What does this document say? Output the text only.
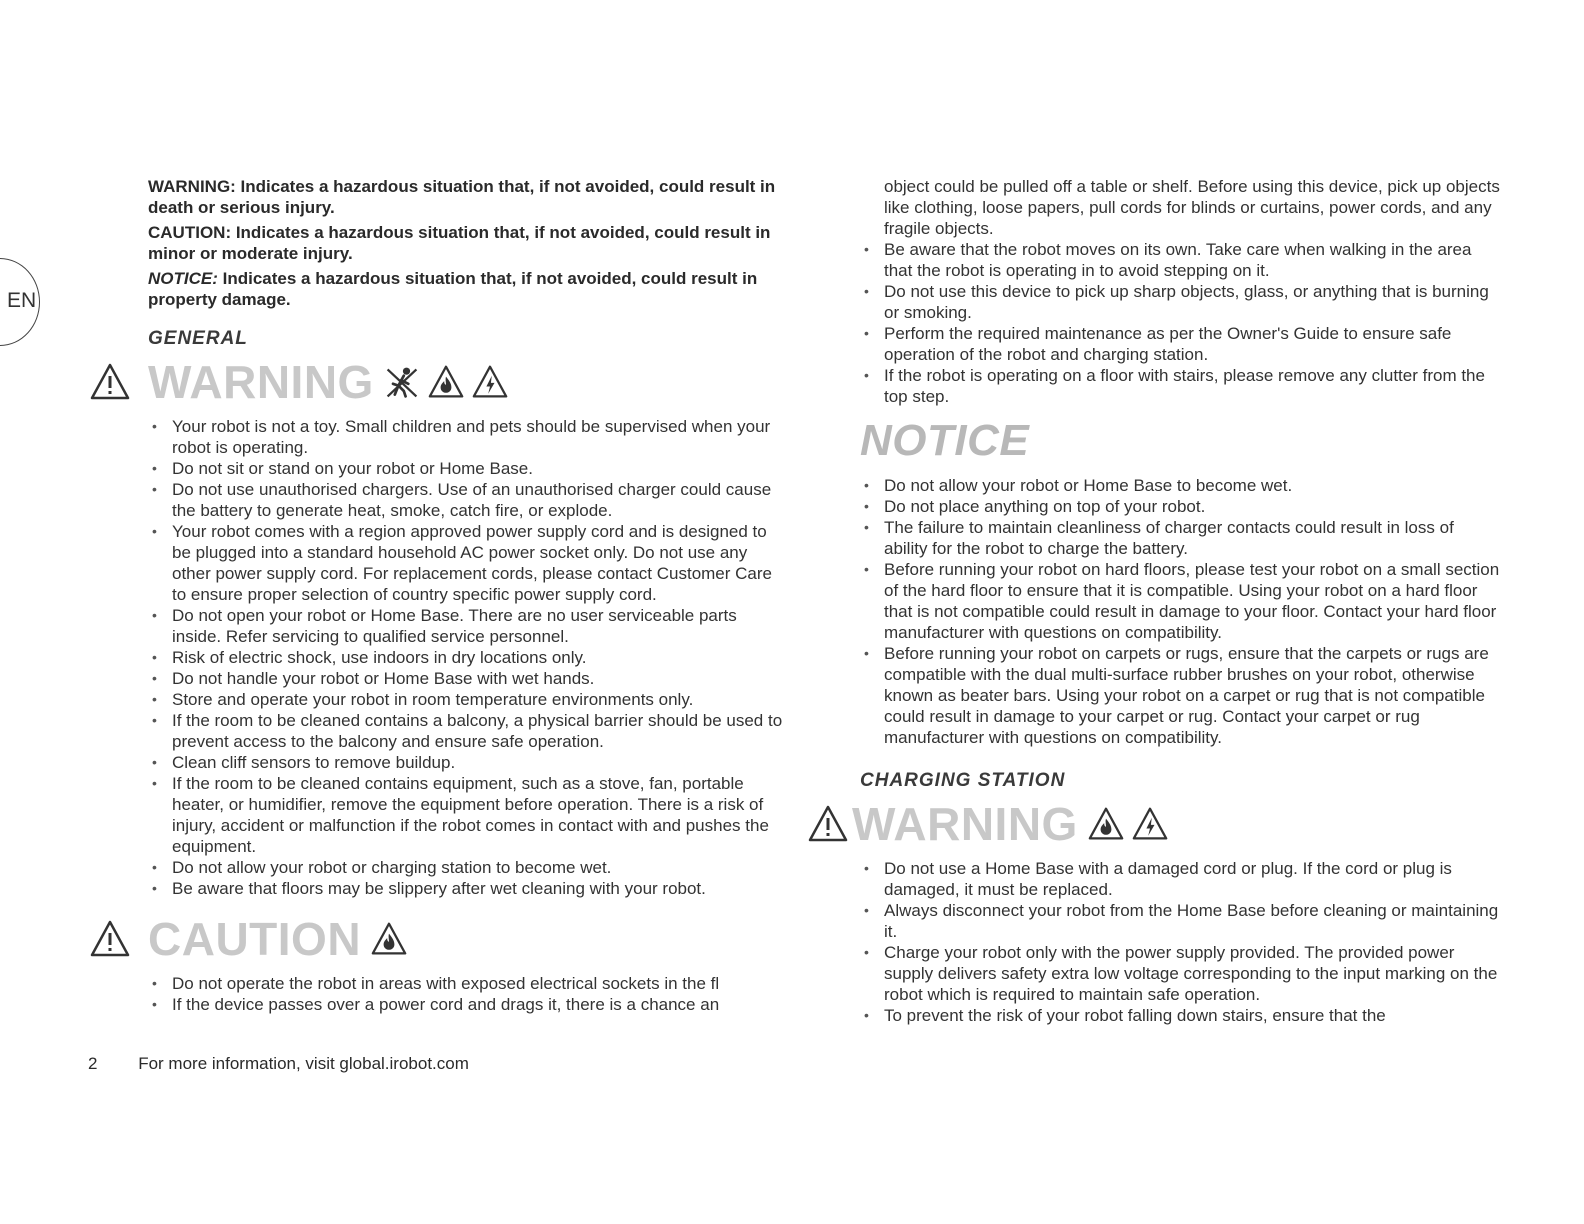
EN

WARNING: Indicates a hazardous situation that, if not avoided, could result in death or serious injury.

CAUTION: Indicates a hazardous situation that, if not avoided, could result in minor or moderate injury.

NOTICE: Indicates a hazardous situation that, if not avoided, could result in property damage.

GENERAL
WARNING
• Your robot is not a toy. Small children and pets should be supervised when your robot is operating.
• Do not sit or stand on your robot or Home Base.
• Do not use unauthorised chargers. Use of an unauthorised charger could cause the battery to generate heat, smoke, catch fire, or explode.
• Your robot comes with a region approved power supply cord and is designed to be plugged into a standard household AC power socket only. Do not use any other power supply cord. For replacement cords, please contact Customer Care to ensure proper selection of country specific power supply cord.
• Do not open your robot or Home Base. There are no user serviceable parts inside. Refer servicing to qualified service personnel.
• Risk of electric shock, use indoors in dry locations only.
• Do not handle your robot or Home Base with wet hands.
• Store and operate your robot in room temperature environments only.
• If the room to be cleaned contains a balcony, a physical barrier should be used to prevent access to the balcony and ensure safe operation.
• Clean cliff sensors to remove buildup.
• If the room to be cleaned contains equipment, such as a stove, fan, portable heater, or humidifier, remove the equipment before operation. There is a risk of injury, accident or malfunction if the robot comes in contact with and pushes the equipment.
• Do not allow your robot or charging station to become wet.
• Be aware that floors may be slippery after wet cleaning with your robot.
CAUTION
• Do not operate the robot in areas with exposed electrical sockets in the fl
• If the device passes over a power cord and drags it, there is a chance an
object could be pulled off a table or shelf. Before using this device, pick up objects like clothing, loose papers, pull cords for blinds or curtains, power cords, and any fragile objects.
• Be aware that the robot moves on its own. Take care when walking in the area that the robot is operating in to avoid stepping on it.
• Do not use this device to pick up sharp objects, glass, or anything that is burning or smoking.
• Perform the required maintenance as per the Owner's Guide to ensure safe operation of the robot and charging station.
• If the robot is operating on a floor with stairs, please remove any clutter from the top step.
NOTICE
• Do not allow your robot or Home Base to become wet.
• Do not place anything on top of your robot.
• The failure to maintain cleanliness of charger contacts could result in loss of ability for the robot to charge the battery.
• Before running your robot on hard floors, please test your robot on a small section of the hard floor to ensure that it is compatible. Using your robot on a hard floor that is not compatible could result in damage to your floor. Contact your hard floor manufacturer with questions on compatibility.
• Before running your robot on carpets or rugs, ensure that the carpets or rugs are compatible with the dual multi-surface rubber brushes on your robot, otherwise known as beater bars. Using your robot on a carpet or rug that is not compatible could result in damage to your carpet or rug. Contact your carpet or rug manufacturer with questions on compatibility.
CHARGING STATION
WARNING
• Do not use a Home Base with a damaged cord or plug. If the cord or plug is damaged, it must be replaced.
• Always disconnect your robot from the Home Base before cleaning or maintaining it.
• Charge your robot only with the power supply provided. The provided power supply delivers safety extra low voltage corresponding to the input marking on the robot which is required to maintain safe operation.
• To prevent the risk of your robot falling down stairs, ensure that the
2 For more information, visit global.irobot.com
